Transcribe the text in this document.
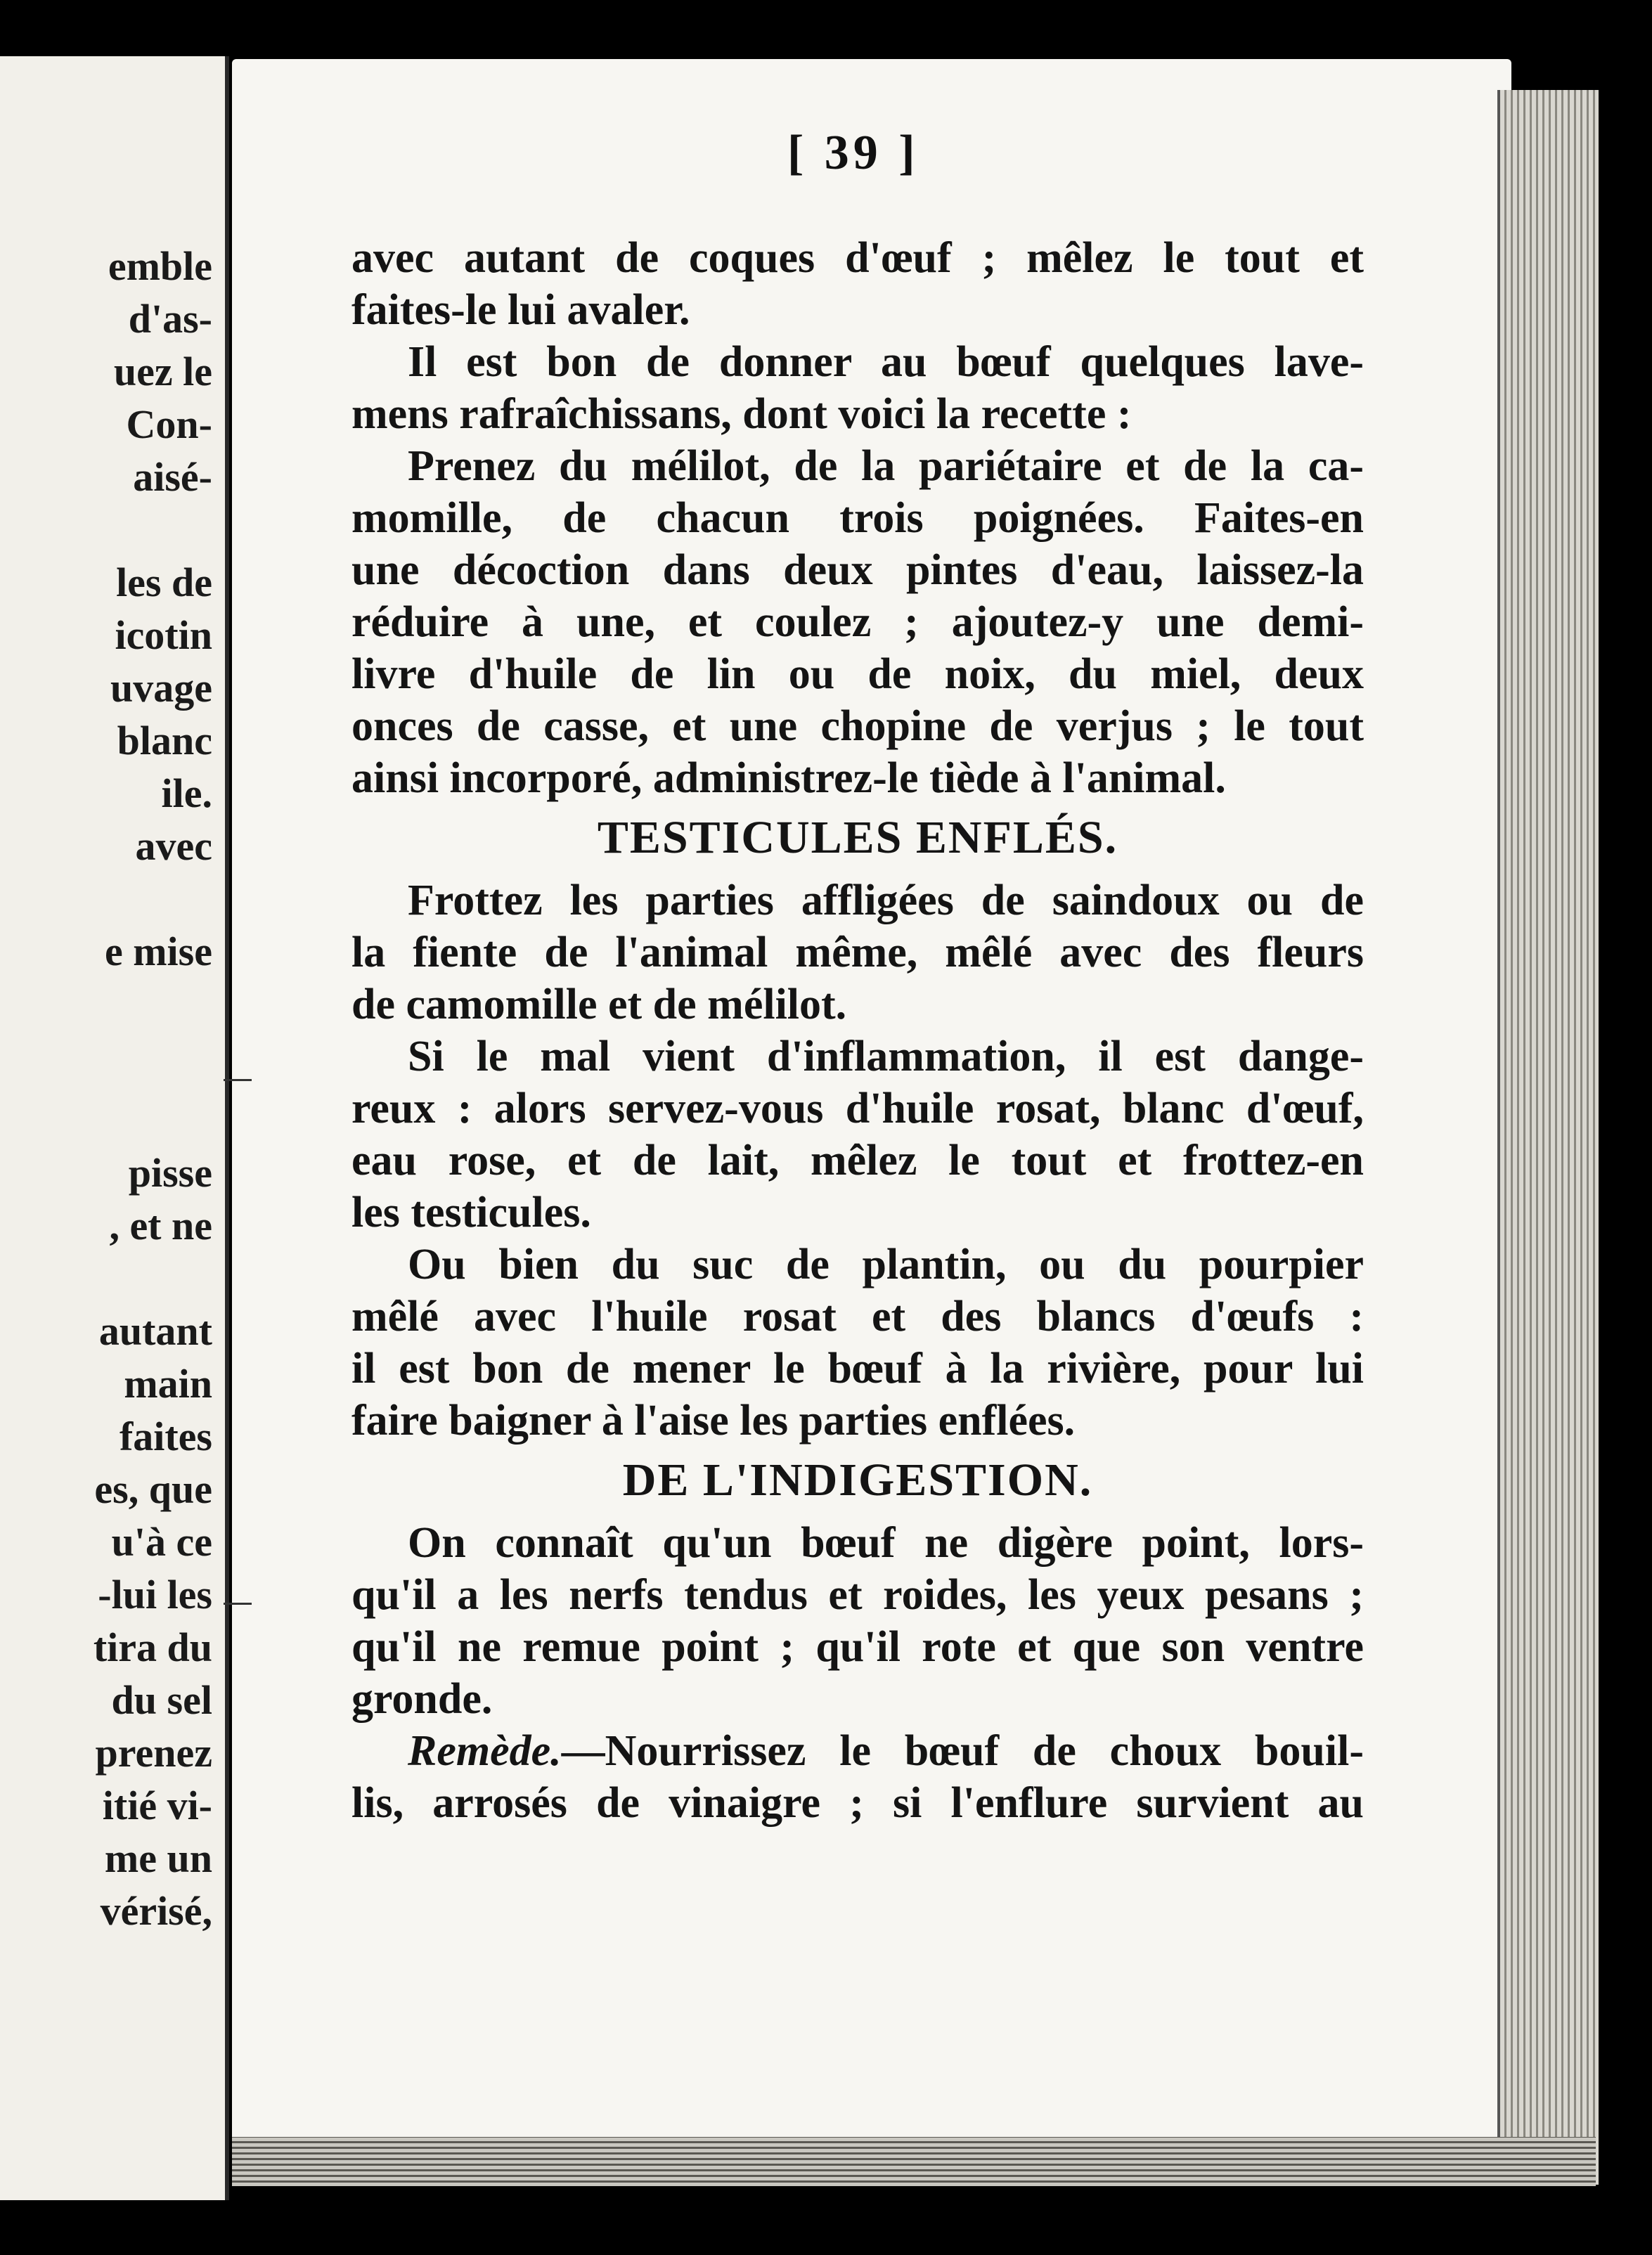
emble
d'as-
uez le
Con-
aisé-
les de
icotin
uvage
blanc
ile.
avec
e mise
pisse
, et ne
autant
main
faites
es, que
u'à ce
-lui les
tira du
du sel
prenez
itié vi-
me un
vérisé,
[ 39 ]
avec autant de coques d'œuf ; mêlez le tout et
faites-le lui avaler.
Il est bon de donner au bœuf quelques lave-
mens rafraîchissans, dont voici la recette :
Prenez du mélilot, de la pariétaire et de la ca-
momille, de chacun trois poignées. Faites-en
une décoction dans deux pintes d'eau, laissez-la
réduire à une, et coulez ; ajoutez-y une demi-
livre d'huile de lin ou de noix, du miel, deux
onces de casse, et une chopine de verjus ; le tout
ainsi incorporé, administrez-le tiède à l'animal.
TESTICULES ENFLÉS.
Frottez les parties affligées de saindoux ou de
la fiente de l'animal même, mêlé avec des fleurs
de camomille et de mélilot.
Si le mal vient d'inflammation, il est dange-
reux : alors servez-vous d'huile rosat, blanc d'œuf,
eau rose, et de lait, mêlez le tout et frottez-en
les testicules.
Ou bien du suc de plantin, ou du pourpier
mêlé avec l'huile rosat et des blancs d'œufs :
il est bon de mener le bœuf à la rivière, pour lui
faire baigner à l'aise les parties enflées.
DE L'INDIGESTION.
On connaît qu'un bœuf ne digère point, lors-
qu'il a les nerfs tendus et roides, les yeux pesans ;
qu'il ne remue point ; qu'il rote et que son ventre
gronde.
Remède.—Nourrissez le bœuf de choux bouil-
lis, arrosés de vinaigre ; si l'enflure survient au
